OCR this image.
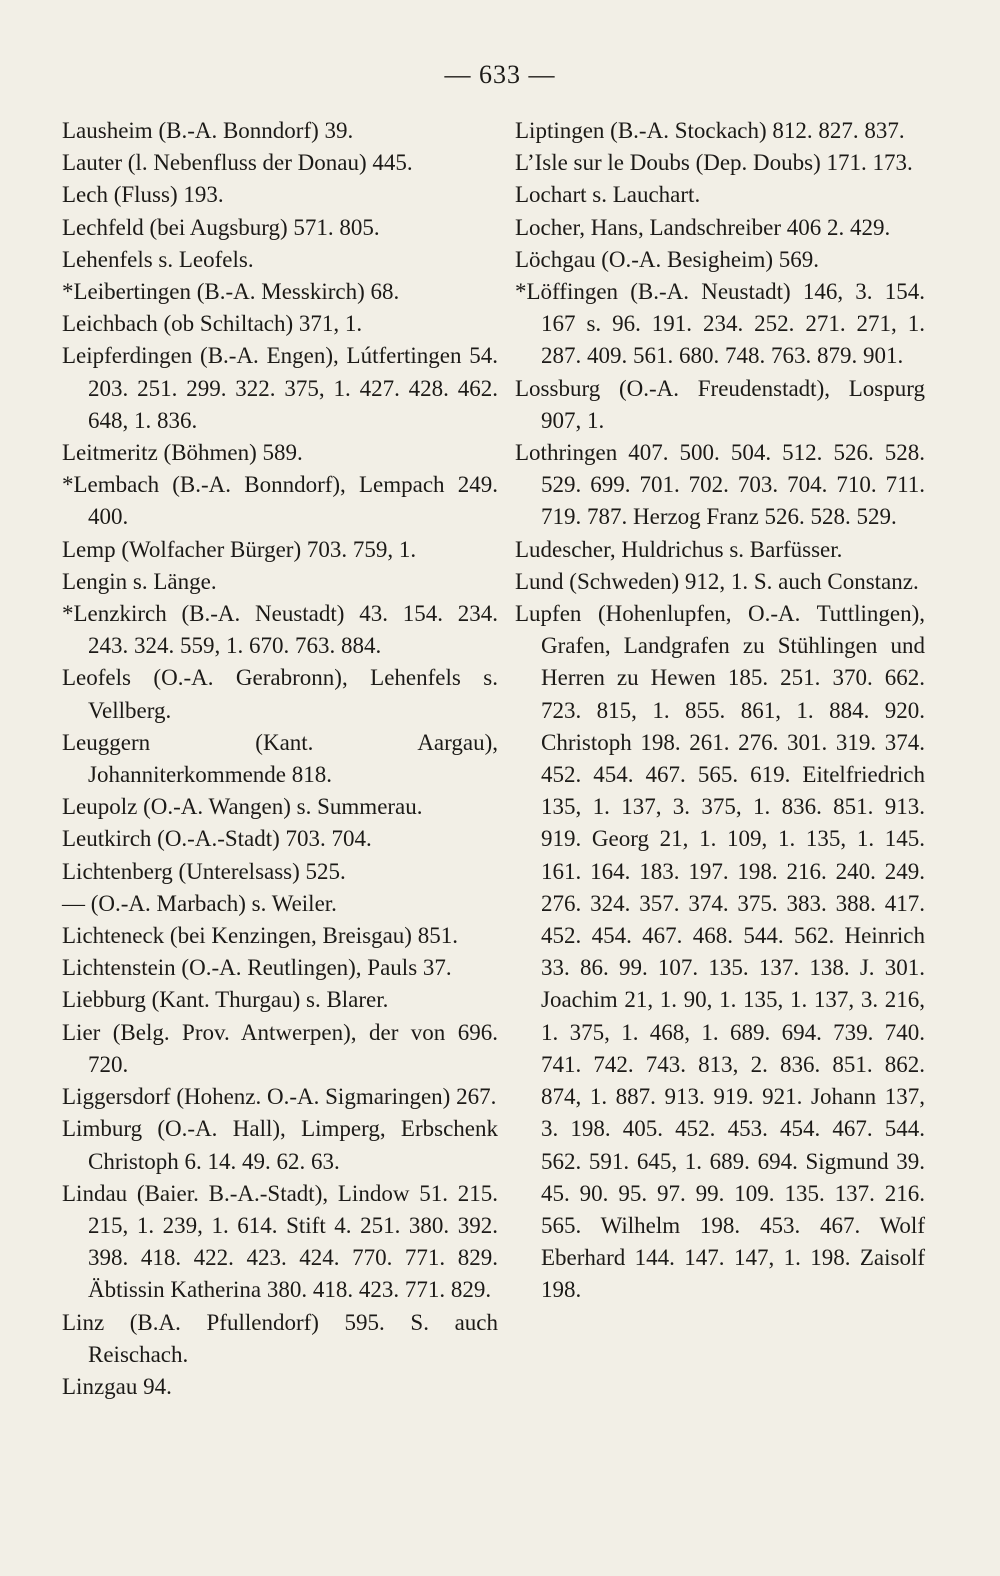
— 633 —

Lausheim (B.-A. Bonndorf) 39.

Lauter (l. Nebenfluss der Donau) 445.

Lech (Fluss) 193.

Lechfeld (bei Augsburg) 571. 805.

Lehenfels s. Leofels.

*Leibertingen (B.-A. Messkirch) 68.

Leichbach (ob Schiltach) 371, 1.

Leipferdingen (B.-A. Engen), Lútfertingen 54. 203. 251. 299. 322. 375, 1. 427. 428. 462. 648, 1. 836.

Leitmeritz (Böhmen) 589.

*Lembach (B.-A. Bonndorf), Lempach 249. 400.

Lemp (Wolfacher Bürger) 703. 759, 1.

Lengin s. Länge.

*Lenzkirch (B.-A. Neustadt) 43. 154. 234. 243. 324. 559, 1. 670. 763. 884.

Leofels (O.-A. Gerabronn), Lehenfels s. Vellberg.

Leuggern (Kant. Aargau), Johanniterkommende 818.

Leupolz (O.-A. Wangen) s. Summerau.

Leutkirch (O.-A.-Stadt) 703. 704.

Lichtenberg (Unterelsass) 525.

— (O.-A. Marbach) s. Weiler.

Lichteneck (bei Kenzingen, Breisgau) 851.

Lichtenstein (O.-A. Reutlingen), Pauls 37.

Liebburg (Kant. Thurgau) s. Blarer.

Lier (Belg. Prov. Antwerpen), der von 696. 720.

Liggersdorf (Hohenz. O.-A. Sigmaringen) 267.

Limburg (O.-A. Hall), Limperg, Erbschenk Christoph 6. 14. 49. 62. 63.

Lindau (Baier. B.-A.-Stadt), Lindow 51. 215. 215, 1. 239, 1. 614. Stift 4. 251. 380. 392. 398. 418. 422. 423. 424. 770. 771. 829. Äbtissin Katherina 380. 418. 423. 771. 829.

Linz (B.A. Pfullendorf) 595. S. auch Reischach.

Linzgau 94.

Liptingen (B.-A. Stockach) 812. 827. 837.

L’Isle sur le Doubs (Dep. Doubs) 171. 173.

Lochart s. Lauchart.

Locher, Hans, Landschreiber 406 2. 429.

Löchgau (O.-A. Besigheim) 569.

*Löffingen (B.-A. Neustadt) 146, 3. 154. 167 s. 96. 191. 234. 252. 271. 271, 1. 287. 409. 561. 680. 748. 763. 879. 901.

Lossburg (O.-A. Freudenstadt), Lospurg 907, 1.

Lothringen 407. 500. 504. 512. 526. 528. 529. 699. 701. 702. 703. 704. 710. 711. 719. 787. Herzog Franz 526. 528. 529.

Ludescher, Huldrichus s. Barfüsser.

Lund (Schweden) 912, 1. S. auch Constanz.

Lupfen (Hohenlupfen, O.-A. Tuttlingen), Grafen, Landgrafen zu Stühlingen und Herren zu Hewen 185. 251. 370. 662. 723. 815, 1. 855. 861, 1. 884. 920. Christoph 198. 261. 276. 301. 319. 374. 452. 454. 467. 565. 619. Eitelfriedrich 135, 1. 137, 3. 375, 1. 836. 851. 913. 919. Georg 21, 1. 109, 1. 135, 1. 145. 161. 164. 183. 197. 198. 216. 240. 249. 276. 324. 357. 374. 375. 383. 388. 417. 452. 454. 467. 468. 544. 562. Heinrich 33. 86. 99. 107. 135. 137. 138. J. 301. Joachim 21, 1. 90, 1. 135, 1. 137, 3. 216, 1. 375, 1. 468, 1. 689. 694. 739. 740. 741. 742. 743. 813, 2. 836. 851. 862. 874, 1. 887. 913. 919. 921. Johann 137, 3. 198. 405. 452. 453. 454. 467. 544. 562. 591. 645, 1. 689. 694. Sigmund 39. 45. 90. 95. 97. 99. 109. 135. 137. 216. 565. Wilhelm 198. 453. 467. Wolf Eberhard 144. 147. 147, 1. 198. Zaisolf 198.
